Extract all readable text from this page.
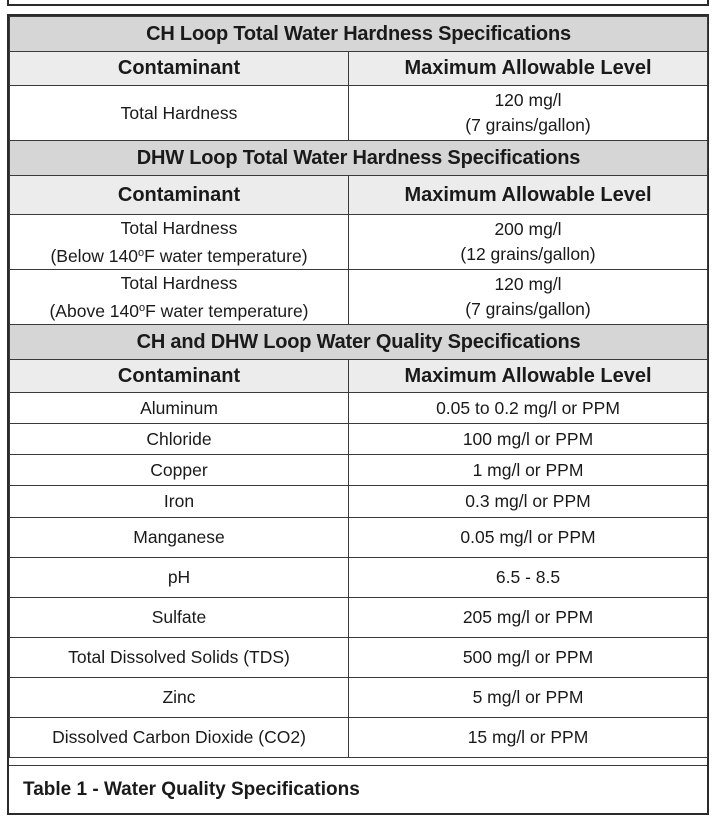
CH Loop Total Water Hardness Specifications	
Contaminant	Maximum Allowable Level

Total Hardness	120 mg/l
(7 grains/gallon)

DHW Loop Total Water Hardness Specifications	
Contaminant	Maximum Allowable Level

Total Hardness
(Below 140$^o$F water temperature)	200 mg/l
(12 grains/gallon)

Total Hardness
(Above 140$^o$F water temperature)	120 mg/l
(7 grains/gallon)

CH and DHW Loop Water Quality Specifications	
Contaminant	Maximum Allowable Level
Aluminum	0.05 to 0.2 mg/l or PPM
Chloride	100 mg/l or PPM
Copper	1 mg/l or PPM
Iron	0.3 mg/l or PPM
Manganese	0.05 mg/l or PPM
pH	6.5 - 8.5
Sulfate	205 mg/l or PPM
Total Dissolved Solids (TDS)	500 mg/l or PPM
Zinc	5 mg/l or PPM
Dissolved Carbon Dioxide (CO2)	15 mg/l or PPM
Table 1 - Water Quality Specifications
